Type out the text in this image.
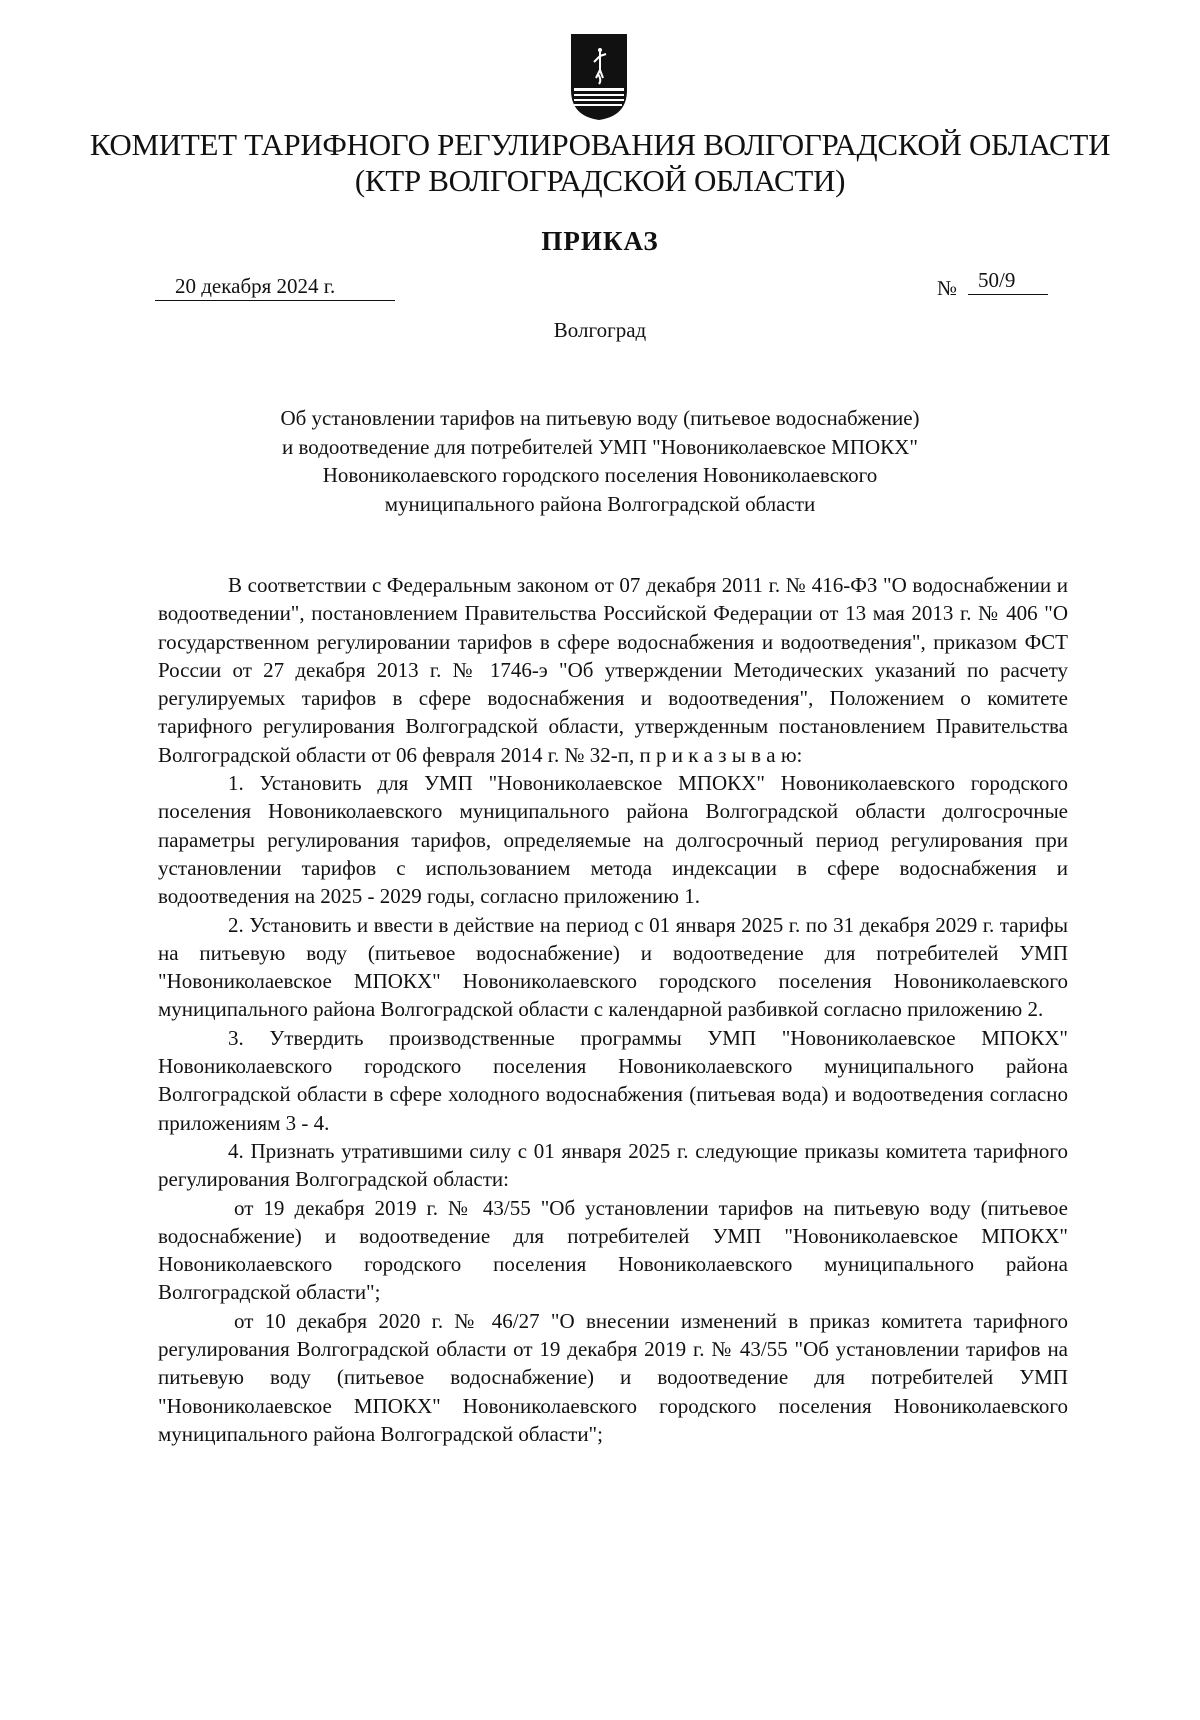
КОМИТЕТ ТАРИФНОГО РЕГУЛИРОВАНИЯ ВОЛГОГРАДСКОЙ ОБЛАСТИ
(КТР ВОЛГОГРАДСКОЙ ОБЛАСТИ)
ПРИКАЗ
20 декабря 2024 г.	№ 50/9
Волгоград
Об установлении тарифов на питьевую воду (питьевое водоснабжение)
и водоотведение для потребителей УМП "Новониколаевское МПОКХ"
Новониколаевского городского поселения Новониколаевского
муниципального района Волгоградской области

В соответствии с Федеральным законом от 07 декабря 2011 г. № 416-ФЗ "О водоснабжении и водоотведении", постановлением Правительства Российской Федерации от 13 мая 2013 г. № 406 "О государственном регулировании тарифов в сфере водоснабжения и водоотведения", приказом ФСТ России от 27 декабря 2013 г. № 1746-э "Об утверждении Методических указаний по расчету регулируемых тарифов в сфере водоснабжения и водоотведения", Положением о комитете тарифного регулирования Волгоградской области, утвержденным постановлением Правительства Волгоградской области от 06 февраля 2014 г. № 32-п, п р и к а з ы в а ю:

1. Установить для УМП "Новониколаевское МПОКХ" Новониколаевского городского поселения Новониколаевского муниципального района Волгоградской области долгосрочные параметры регулирования тарифов, определяемые на долгосрочный период регулирования при установлении тарифов с использованием метода индексации в сфере водоснабжения и водоотведения на 2025 - 2029 годы, согласно приложению 1.

2. Установить и ввести в действие на период с 01 января 2025 г. по 31 декабря 2029 г. тарифы на питьевую воду (питьевое водоснабжение) и водоотведение для потребителей УМП "Новониколаевское МПОКХ" Новониколаевского городского поселения Новониколаевского муниципального района Волгоградской области с календарной разбивкой согласно приложению 2.

3. Утвердить производственные программы УМП "Новониколаевское МПОКХ" Новониколаевского городского поселения Новониколаевского муниципального района Волгоградской области в сфере холодного водоснабжения (питьевая вода) и водоотведения согласно приложениям 3 - 4.

4. Признать утратившими силу с 01 января 2025 г. следующие приказы комитета тарифного регулирования Волгоградской области:

от 19 декабря 2019 г. № 43/55 "Об установлении тарифов на питьевую воду (питьевое водоснабжение) и водоотведение для потребителей УМП "Новониколаевское МПОКХ" Новониколаевского городского поселения Новониколаевского муниципального района Волгоградской области";

от 10 декабря 2020 г. № 46/27 "О внесении изменений в приказ комитета тарифного регулирования Волгоградской области от 19 декабря 2019 г. № 43/55 "Об установлении тарифов на питьевую воду (питьевое водоснабжение) и водоотведение для потребителей УМП "Новониколаевское МПОКХ" Новониколаевского городского поселения Новониколаевского муниципального района Волгоградской области";
